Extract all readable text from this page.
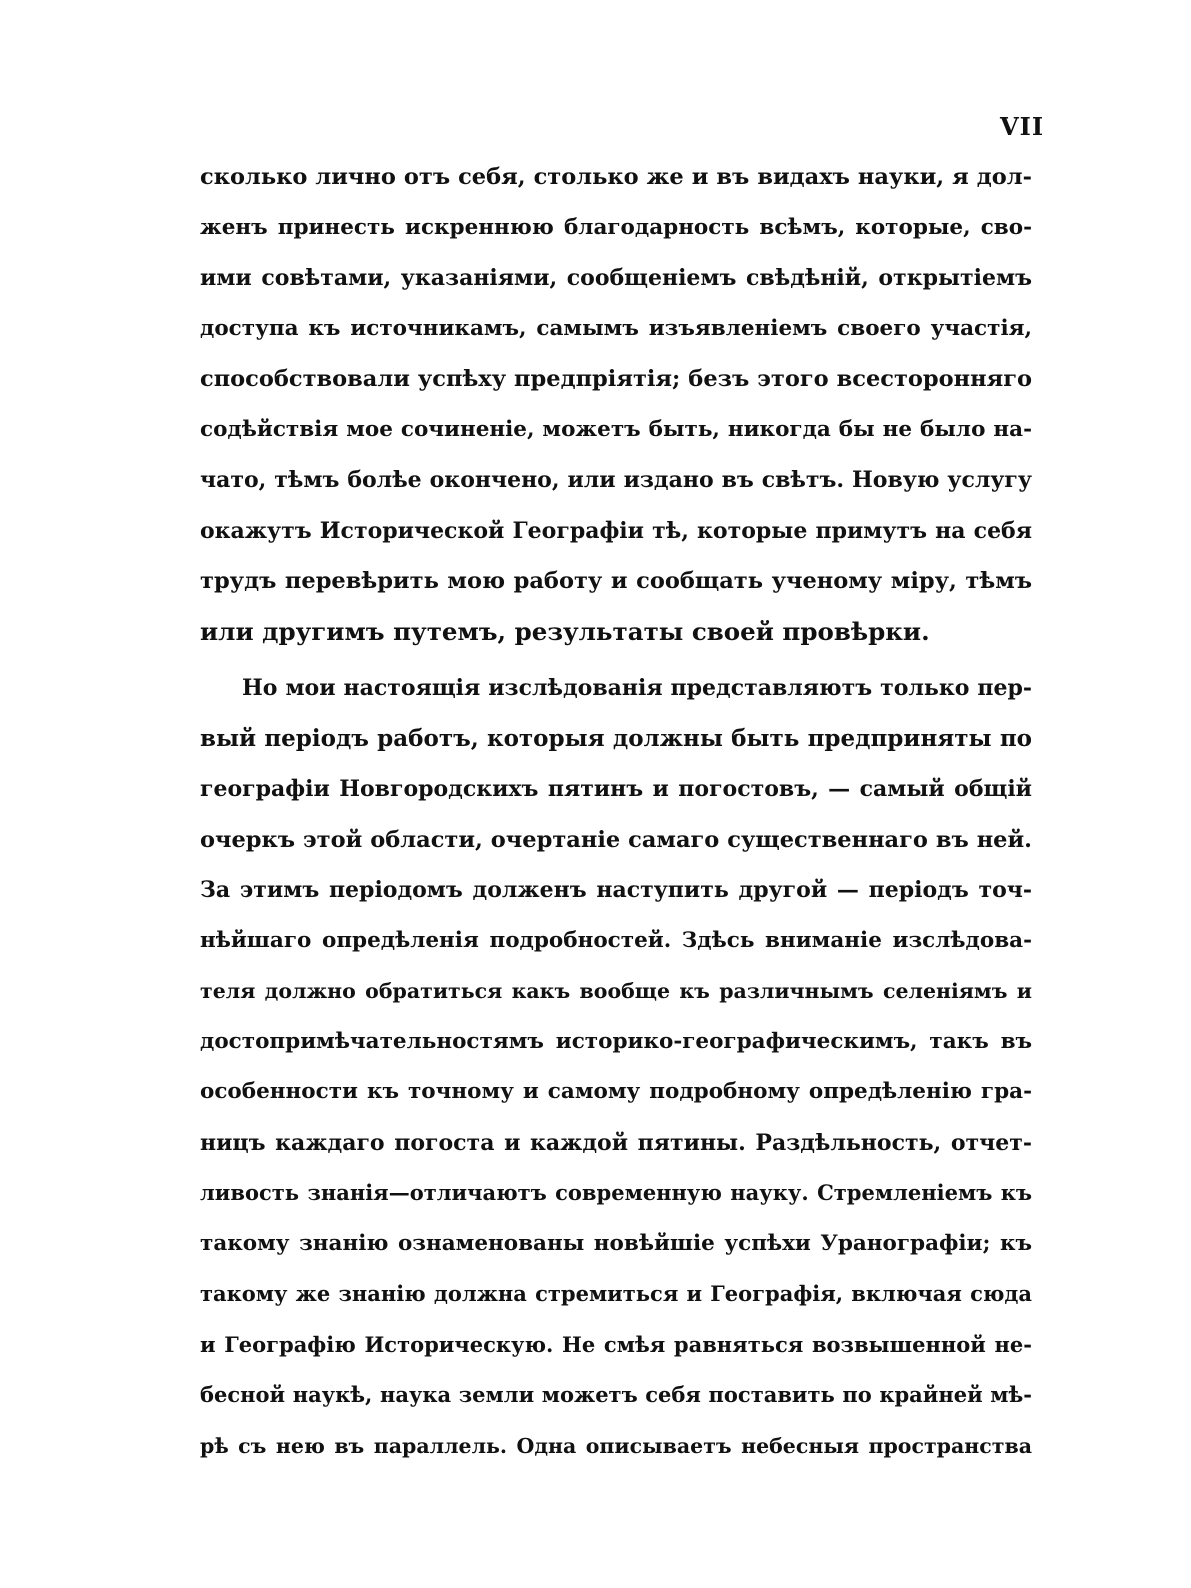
VII
сколько лично отъ себя, столько же и въ видахъ науки, я дол-
женъ принесть искреннюю благодарность всѣмъ, которые, сво-
ими совѣтами, указаніями, сообщеніемъ свѣдѣній, открытіемъ
доступа къ источникамъ, самымъ изъявленіемъ своего участія,
способствовали успѣху предпріятія; безъ этого всесторонняго
содѣйствія мое сочиненіе, можетъ быть, никогда бы не было на-
чато, тѣмъ болѣе окончено, или издано въ свѣтъ. Новую услугу
окажутъ Исторической Географіи тѣ, которые примутъ на себя
трудъ перевѣрить мою работу и сообщать ученому міру, тѣмъ
или другимъ путемъ, результаты своей провѣрки.
Но мои настоящія изслѣдованія представляютъ только пер-
вый періодъ работъ, которыя должны быть предприняты по
географіи Новгородскихъ пятинъ и погостовъ, — самый общій
очеркъ этой области, очертаніе самаго существеннаго въ ней.
За этимъ періодомъ долженъ наступить другой — періодъ точ-
нѣйшаго опредѣленія подробностей. Здѣсь вниманіе изслѣдова-
теля должно обратиться какъ вообще къ различнымъ селеніямъ и
достопримѣчательностямъ историко-географическимъ, такъ въ
особенности къ точному и самому подробному опредѣленію гра-
ницъ каждаго погоста и каждой пятины. Раздѣльность, отчет-
ливость знанія—отличаютъ современную науку. Стремленіемъ къ
такому знанію ознаменованы новѣйшіе успѣхи Уранографіи; къ
такому же знанію должна стремиться и Географія, включая сюда
и Географію Историческую. Не смѣя равняться возвышенной не-
бесной наукѣ, наука земли можетъ себя поставить по крайней мѣ-
рѣ съ нею въ параллель. Одна описываетъ небесныя пространства
